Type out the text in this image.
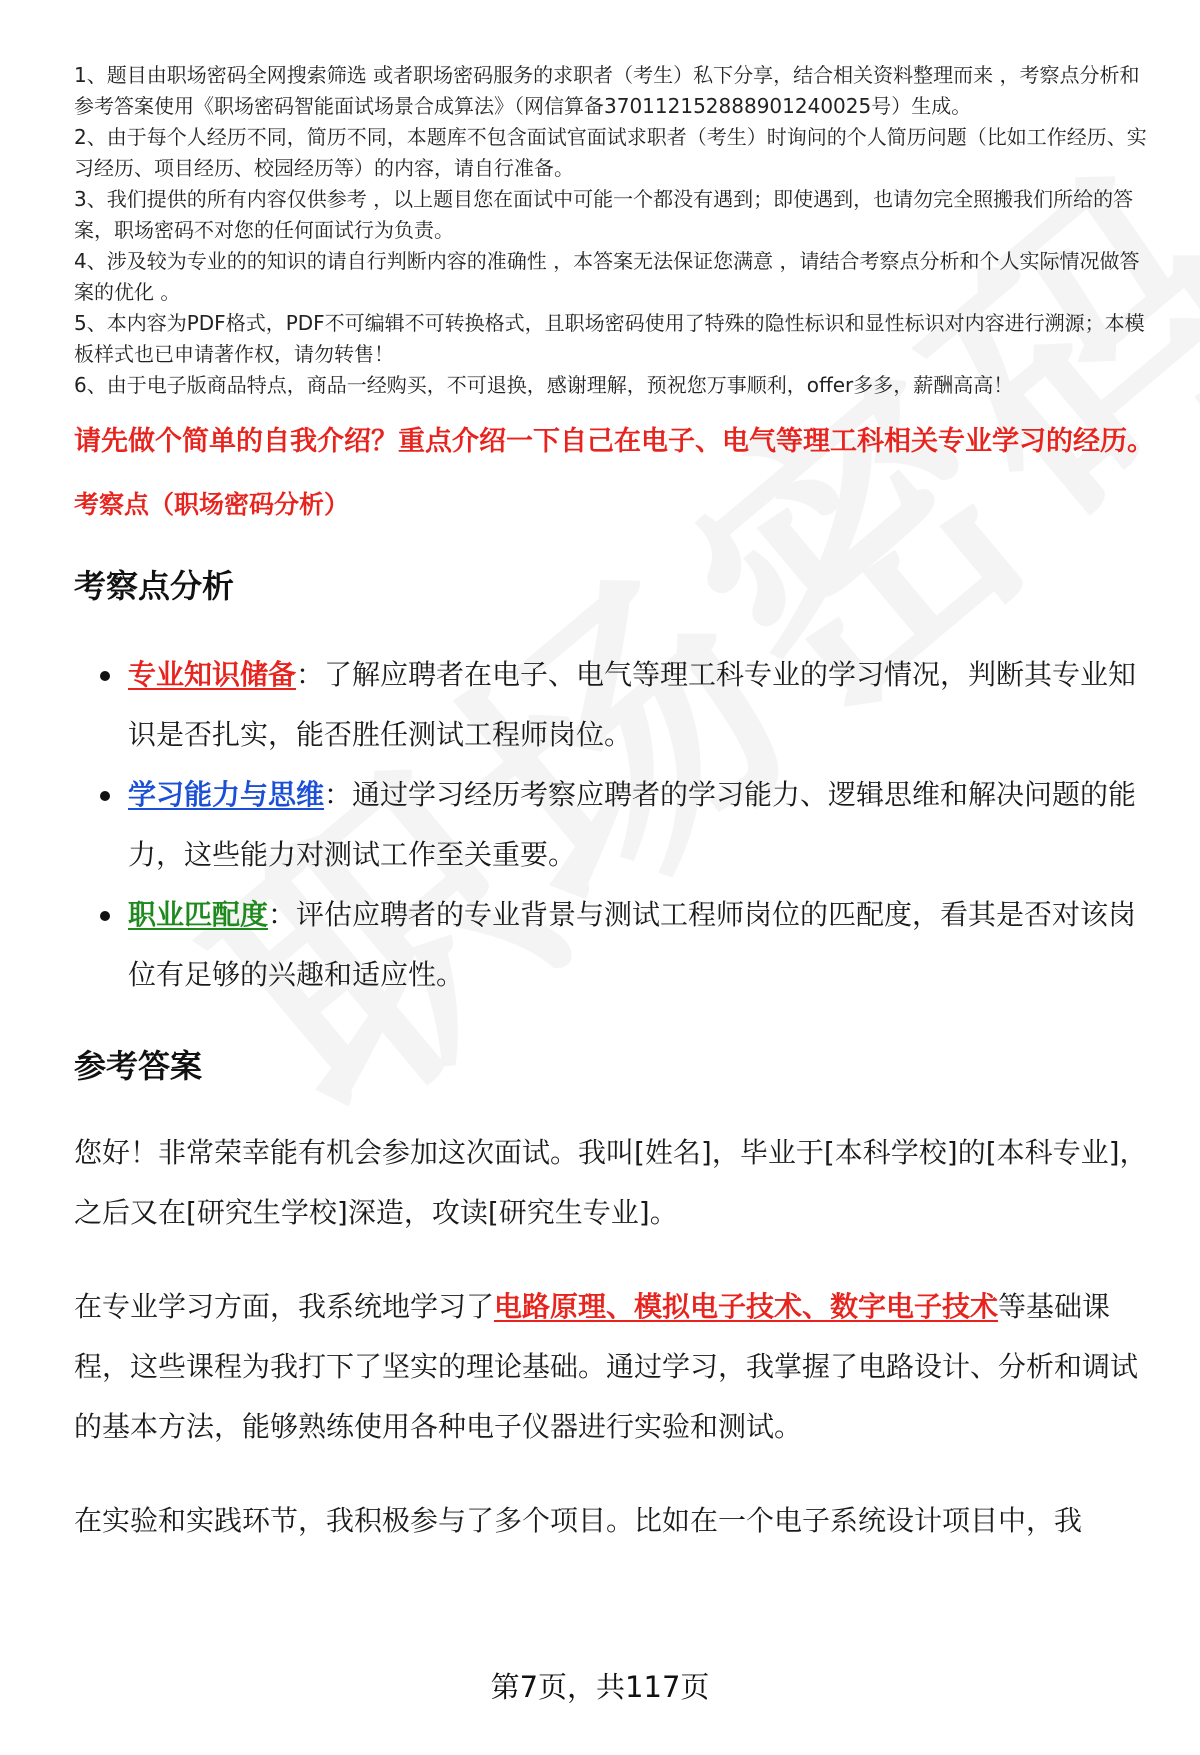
1、题目由职场密码全网搜索筛选 或者职场密码服务的求职者（考生）私下分享，结合相关资料整理而来 ，考察点分析和参考答案使用《职场密码智能面试场景合成算法》（网信算备370112152888901240025号）生成。

2、由于每个人经历不同，简历不同，本题库不包含面试官面试求职者（考生）时询问的个人简历问题（比如工作经历、实习经历、项目经历、校园经历等）的内容，请自行准备。

3、我们提供的所有内容仅供参考 ，以上题目您在面试中可能一个都没有遇到；即使遇到，也请勿完全照搬我们所给的答案，职场密码不对您的任何面试行为负责。

4、涉及较为专业的的知识的请自行判断内容的准确性 ，本答案无法保证您满意 ，请结合考察点分析和个人实际情况做答案的优化 。

5、本内容为PDF格式，PDF不可编辑不可转换格式，且职场密码使用了特殊的隐性标识和显性标识对内容进行溯源；本模板样式也已申请著作权，请勿转售！

6、由于电子版商品特点，商品一经购买，不可退换，感谢理解，预祝您万事顺利，offer多多，薪酬高高！

请先做个简单的自我介绍？重点介绍一下自己在电子、电气等理工科相关专业学习的经历。
考察点（职场密码分析）
考察点分析
专业知识储备：了解应聘者在电子、电气等理工科专业的学习情况，判断其专业知识是否扎实，能否胜任测试工程师岗位。
学习能力与思维：通过学习经历考察应聘者的学习能力、逻辑思维和解决问题的能力，这些能力对测试工作至关重要。
职业匹配度：评估应聘者的专业背景与测试工程师岗位的匹配度，看其是否对该岗位有足够的兴趣和适应性。
参考答案

您好！非常荣幸能有机会参加这次面试。我叫[姓名]，毕业于[本科学校]的[本科专业]，之后又在[研究生学校]深造，攻读[研究生专业]。

在专业学习方面，我系统地学习了电路原理、模拟电子技术、数字电子技术等基础课程，这些课程为我打下了坚实的理论基础。通过学习，我掌握了电路设计、分析和调试的基本方法，能够熟练使用各种电子仪器进行实验和测试。

在实验和实践环节，我积极参与了多个项目。比如在一个电子系统设计项目中，我

第7页，共117页
